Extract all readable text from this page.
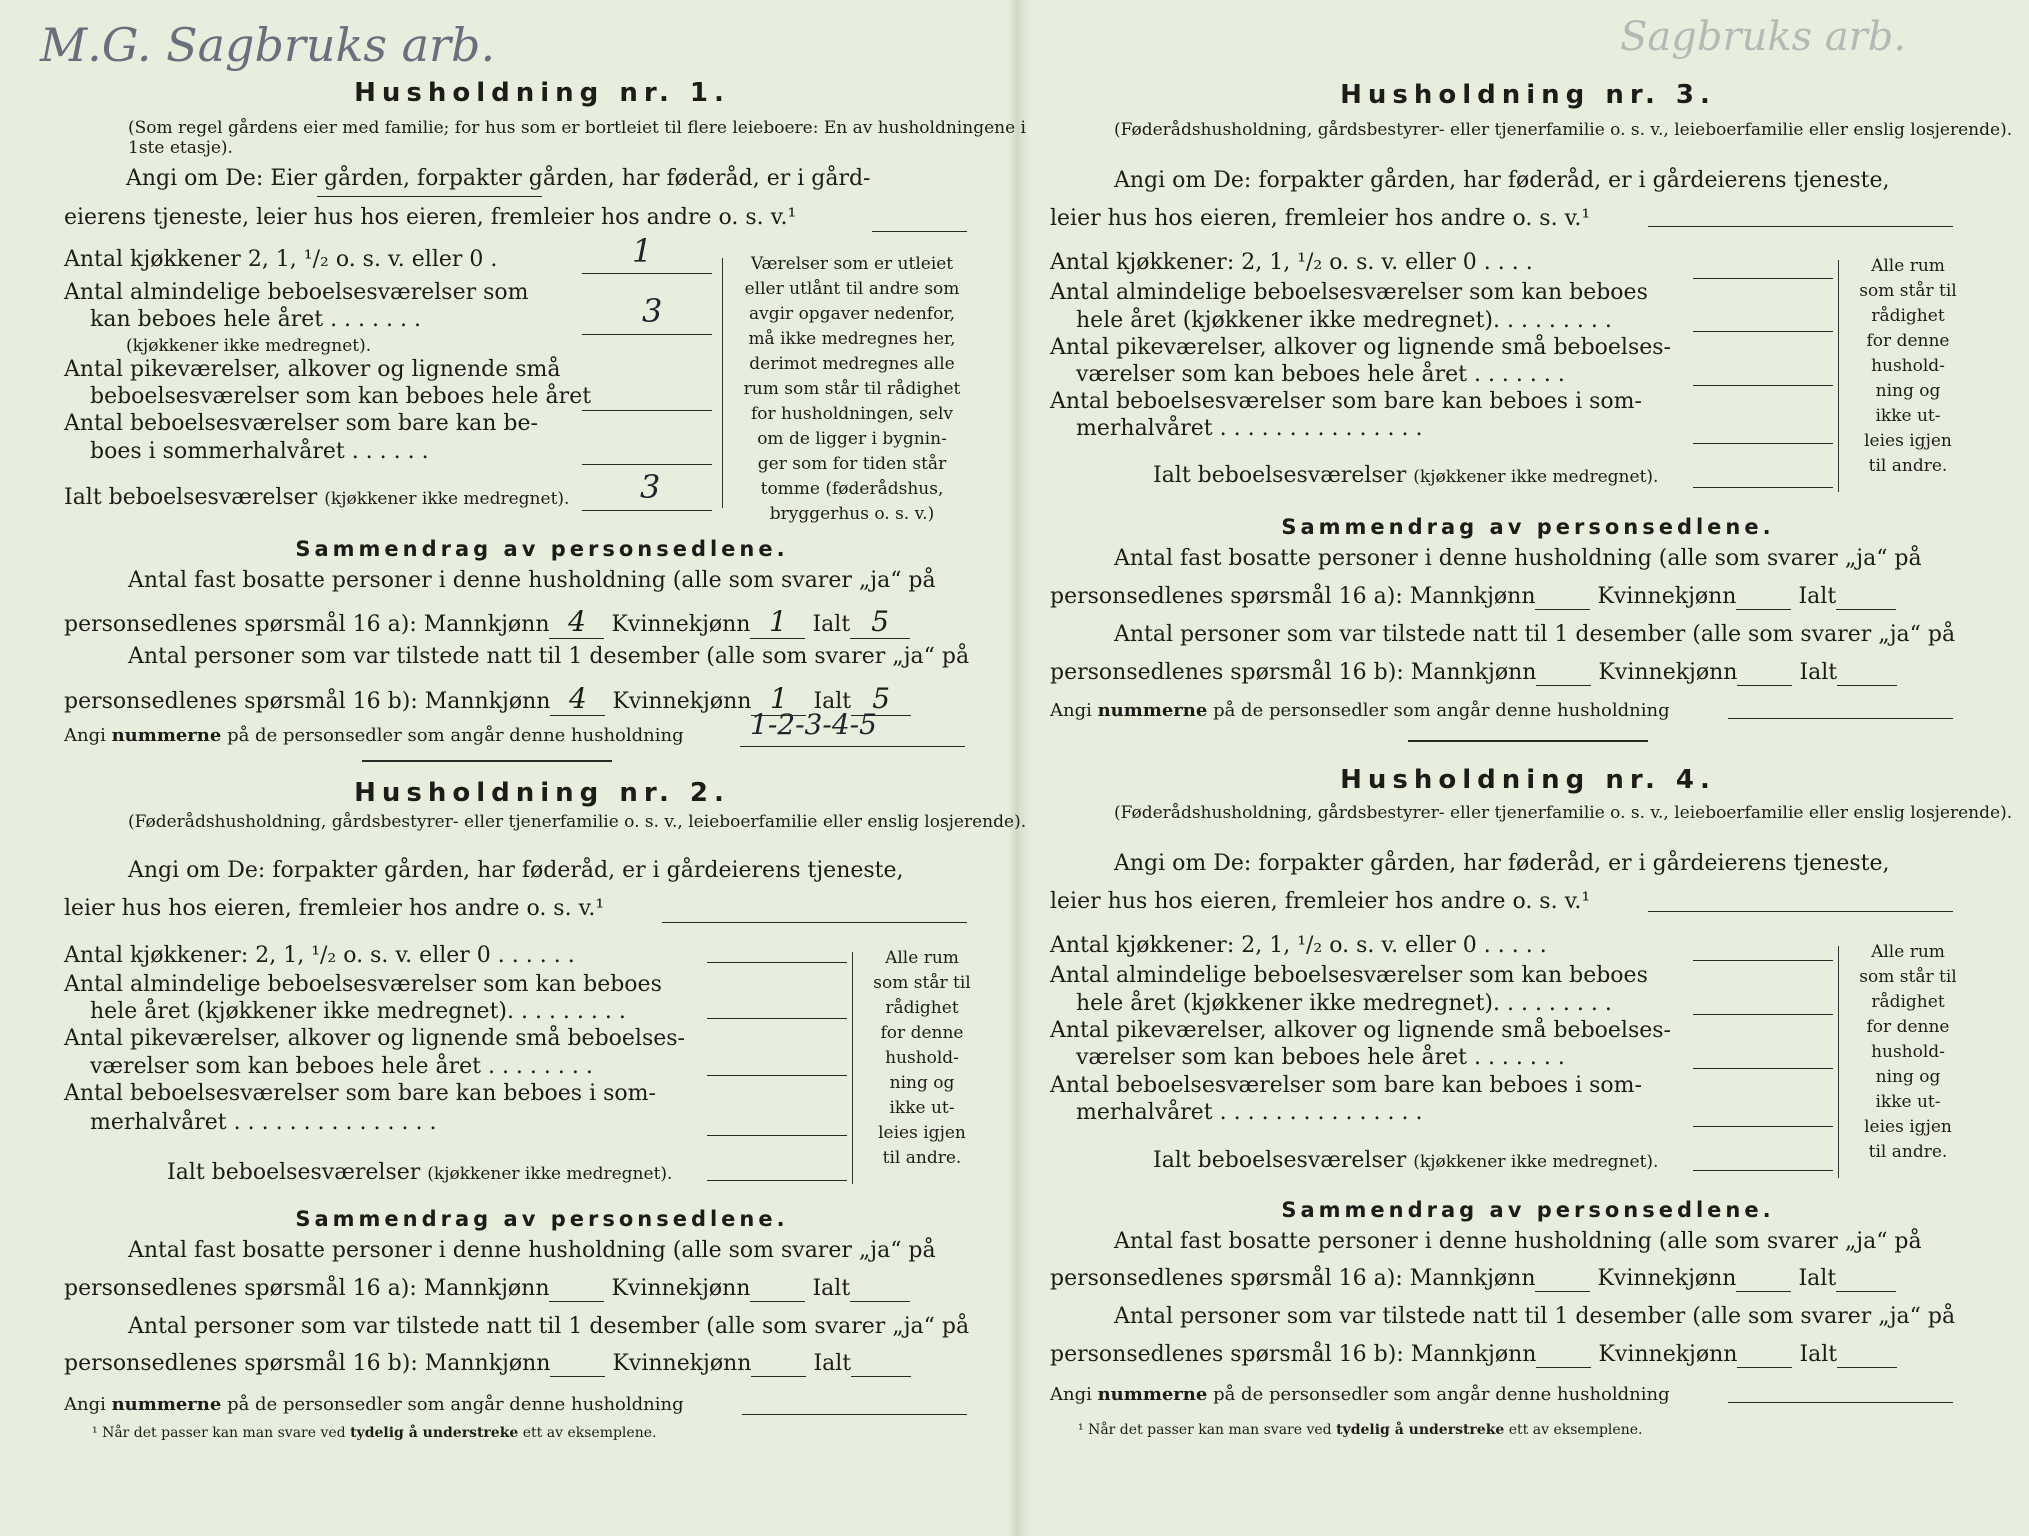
M.G. Sagbruks arb.	Sagbruks arb.
Husholdning nr. 1.
(Som regel gårdens eier med familie; for hus som er bortleiet til flere leieboere: En av husholdningene i 1ste etasje).
Angi om De: Eier gården, forpakter gården, har føderåd, er i gård-
eierens tjeneste, leier hus hos eieren, fremleier hos andre o. s. v.¹
Antal kjøkkener 2, 1, ¹/₂ o. s. v. eller 0 .	1
Antal almindelige beboelsesværelser som
kan beboes hele året . . . . . . .	3
(kjøkkener ikke medregnet).
Antal pikeværelser, alkover og lignende små
beboelsesværelser som kan beboes hele året
Antal beboelsesværelser som bare kan be-
boes i sommerhalvåret . . . . . .
Ialt beboelsesværelser (kjøkkener ikke medregnet). 3
Værelser som er utleiet
eller utlånt til andre som
avgir opgaver nedenfor,
må ikke medregnes her,
derimot medregnes alle
rum som står til rådighet
for husholdningen, selv
om de ligger i bygnin-
ger som for tiden står
tomme (føderådshus,
bryggerhus o. s. v.)
Sammendrag av personsedlene.
Antal fast bosatte personer i denne husholdning (alle som svarer „ja“ på
personsedlenes spørsmål 16 a): Mannkjønn 4 Kvinnekjønn 1 Ialt 5
Antal personer som var tilstede natt til 1 desember (alle som svarer „ja“ på
personsedlenes spørsmål 16 b): Mannkjønn 4 Kvinnekjønn 1 Ialt 5
Angi nummerne på de personsedler som angår denne husholdning 1-2-3-4-5
Husholdning nr. 2.
(Føderådshusholdning, gårdsbestyrer- eller tjenerfamilie o. s. v., leieboerfamilie eller enslig losjerende).
Angi om De: forpakter gården, har føderåd, er i gårdeierens tjeneste,
leier hus hos eieren, fremleier hos andre o. s. v.¹
Antal kjøkkener: 2, 1, ¹/₂ o. s. v. eller 0 . . . . . .
Antal almindelige beboelsesværelser som kan beboes
hele året (kjøkkener ikke medregnet). . . . . . . . .
Antal pikeværelser, alkover og lignende små beboelses-
værelser som kan beboes hele året . . . . . . . .
Antal beboelsesværelser som bare kan beboes i som-
merhalvåret . . . . . . . . . . . . . . .
Ialt beboelsesværelser (kjøkkener ikke medregnet).
Alle rum
som står til
rådighet
for denne
hushold-
ning og
ikke ut-
leies igjen
til andre.
Sammendrag av personsedlene.
Antal fast bosatte personer i denne husholdning (alle som svarer „ja“ på
personsedlenes spørsmål 16 a): Mannkjønn	Kvinnekjønn	Ialt
Antal personer som var tilstede natt til 1 desember (alle som svarer „ja“ på
personsedlenes spørsmål 16 b): Mannkjønn	Kvinnekjønn	Ialt
Angi nummerne på de personsedler som angår denne husholdning
¹ Når det passer kan man svare ved tydelig å understreke ett av eksemplene.
Husholdning nr. 3.
(Føderådshusholdning, gårdsbestyrer- eller tjenerfamilie o. s. v., leieboerfamilie eller enslig losjerende).
Angi om De: forpakter gården, har føderåd, er i gårdeierens tjeneste,
leier hus hos eieren, fremleier hos andre o. s. v.¹
Antal kjøkkener: 2, 1, ¹/₂ o. s. v. eller 0 . . . .
Antal almindelige beboelsesværelser som kan beboes
hele året (kjøkkener ikke medregnet). . . . . . . . .
Antal pikeværelser, alkover og lignende små beboelses-
værelser som kan beboes hele året . . . . . . .
Antal beboelsesværelser som bare kan beboes i som-
merhalvåret . . . . . . . . . . . . . . .
Ialt beboelsesværelser (kjøkkener ikke medregnet).
Alle rum
som står til
rådighet
for denne
hushold-
ning og
ikke ut-
leies igjen
til andre.
Sammendrag av personsedlene.
Antal fast bosatte personer i denne husholdning (alle som svarer „ja“ på
personsedlenes spørsmål 16 a): Mannkjønn	Kvinnekjønn	Ialt
Antal personer som var tilstede natt til 1 desember (alle som svarer „ja“ på
personsedlenes spørsmål 16 b): Mannkjønn	Kvinnekjønn	Ialt
Angi nummerne på de personsedler som angår denne husholdning
Husholdning nr. 4.
(Føderådshusholdning, gårdsbestyrer- eller tjenerfamilie o. s. v., leieboerfamilie eller enslig losjerende).
Angi om De: forpakter gården, har føderåd, er i gårdeierens tjeneste,
leier hus hos eieren, fremleier hos andre o. s. v.¹
Antal kjøkkener: 2, 1, ¹/₂ o. s. v. eller 0 . . . . .
Antal almindelige beboelsesværelser som kan beboes
hele året (kjøkkener ikke medregnet). . . . . . . . .
Antal pikeværelser, alkover og lignende små beboelses-
værelser som kan beboes hele året . . . . . . .
Antal beboelsesværelser som bare kan beboes i som-
merhalvåret . . . . . . . . . . . . . . .
Ialt beboelsesværelser (kjøkkener ikke medregnet).
Alle rum
som står til
rådighet
for denne
hushold-
ning og
ikke ut-
leies igjen
til andre.
Sammendrag av personsedlene.
Antal fast bosatte personer i denne husholdning (alle som svarer „ja“ på
personsedlenes spørsmål 16 a): Mannkjønn	Kvinnekjønn	Ialt
Antal personer som var tilstede natt til 1 desember (alle som svarer „ja“ på
personsedlenes spørsmål 16 b): Mannkjønn	Kvinnekjønn	Ialt
Angi nummerne på de personsedler som angår denne husholdning
¹ Når det passer kan man svare ved tydelig å understreke ett av eksemplene.
